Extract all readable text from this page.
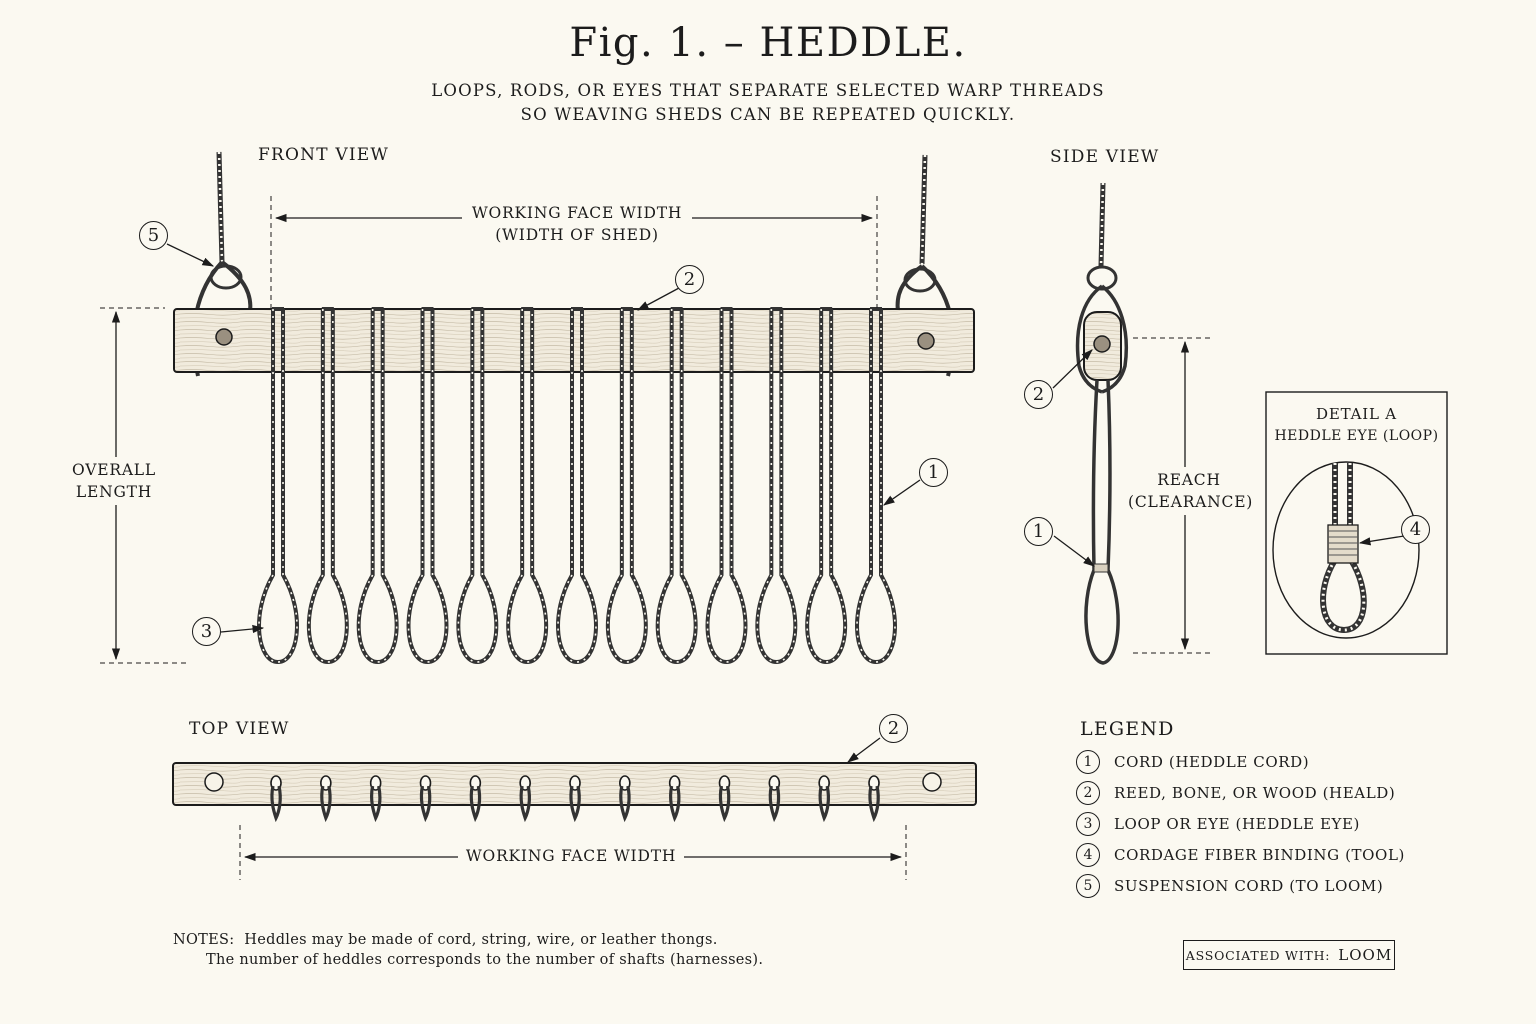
Fig. 1. – HEDDLE.
LOOPS, RODS, OR EYES THAT SEPARATE SELECTED WARP THREADS
SO WEAVING SHEDS CAN BE REPEATED QUICKLY.
FRONT VIEW	SIDE VIEW
TOP VIEW
WORKING FACE WIDTH
(WIDTH OF SHED)
OVERALL
LENGTH
REACH
(CLEARANCE)
WORKING FACE WIDTH
DETAIL A
HEDDLE EYE (LOOP)
5
2
1
3
2
1	4
2	LEGEND
1	CORD (HEDDLE CORD)
2	REED, BONE, OR WOOD (HEALD)
3	LOOP OR EYE (HEDDLE EYE)
4	CORDAGE FIBER BINDING (TOOL)
5	SUSPENSION CORD (TO LOOM)
NOTES: Heddles may be made of cord, string, wire, or leather thongs.
The number of heddles corresponds to the number of shafts (harnesses).	ASSOCIATED WITH: LOOM
